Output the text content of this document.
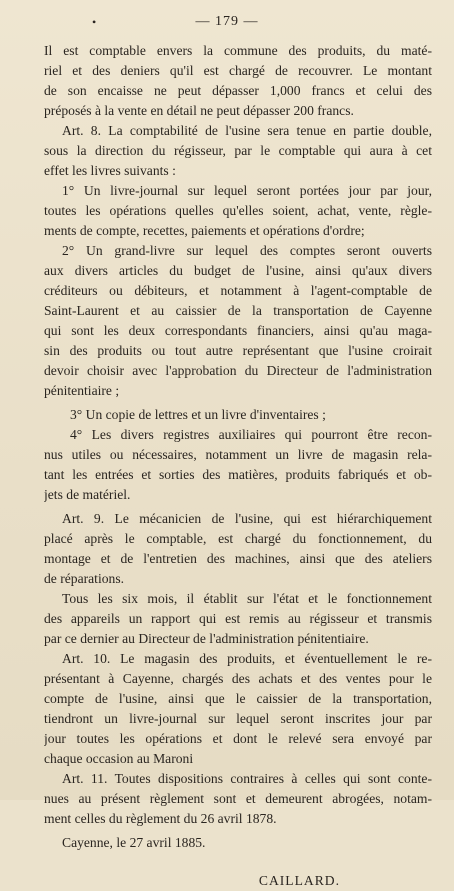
•	— 179 —
Il est comptable envers la commune des produits, du maté-
riel et des deniers qu'il est chargé de recouvrer. Le montant
de son encaisse ne peut dépasser 1,000 francs et celui des
préposés à la vente en détail ne peut dépasser 200 francs.
Art. 8. La comptabilité de l'usine sera tenue en partie double,
sous la direction du régisseur, par le comptable qui aura à cet
effet les livres suivants :
1° Un livre-journal sur lequel seront portées jour par jour,
toutes les opérations quelles qu'elles soient, achat, vente, règle-
ments de compte, recettes, paiements et opérations d'ordre;
2° Un grand-livre sur lequel des comptes seront ouverts
aux divers articles du budget de l'usine, ainsi qu'aux divers
créditeurs ou débiteurs, et notamment à l'agent-comptable de
Saint-Laurent et au caissier de la transportation de Cayenne
qui sont les deux correspondants financiers, ainsi qu'au maga-
sin des produits ou tout autre représentant que l'usine croirait
devoir choisir avec l'approbation du Directeur de l'administration
pénitentiaire ;
3° Un copie de lettres et un livre d'inventaires ;
4° Les divers registres auxiliaires qui pourront être recon-
nus utiles ou nécessaires, notamment un livre de magasin rela-
tant les entrées et sorties des matières, produits fabriqués et ob-
jets de matériel.
Art. 9. Le mécanicien de l'usine, qui est hiérarchiquement
placé après le comptable, est chargé du fonctionnement, du
montage et de l'entretien des machines, ainsi que des ateliers
de réparations.
Tous les six mois, il établit sur l'état et le fonctionnement
des appareils un rapport qui est remis au régisseur et transmis
par ce dernier au Directeur de l'administration pénitentiaire.
Art. 10. Le magasin des produits, et éventuellement le re-
présentant à Cayenne, chargés des achats et des ventes pour le
compte de l'usine, ainsi que le caissier de la transportation,
tiendront un livre-journal sur lequel seront inscrites jour par
jour toutes les opérations et dont le relevé sera envoyé par
chaque occasion au Maroni
Art. 11. Toutes dispositions contraires à celles qui sont conte-
nues au présent règlement sont et demeurent abrogées, notam-
ment celles du règlement du 26 avril 1878.
Cayenne, le 27 avril 1885.
CAILLARD.
